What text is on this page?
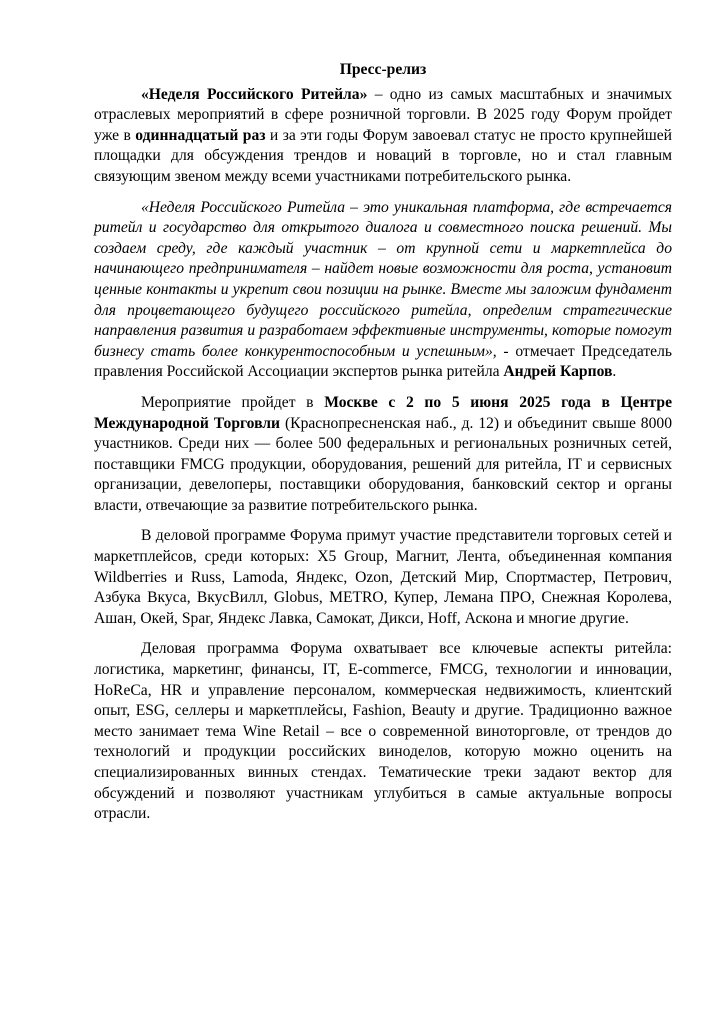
Пресс-релиз

«Неделя Российского Ритейла» – одно из самых масштабных и значимых отраслевых мероприятий в сфере розничной торговли. В 2025 году Форум пройдет уже в одиннадцатый раз и за эти годы Форум завоевал статус не просто крупнейшей площадки для обсуждения трендов и новаций в торговле, но и стал главным связующим звеном между всеми участниками потребительского рынка.

«Неделя Российского Ритейла – это уникальная платформа, где встречается ритейл и государство для открытого диалога и совместного поиска решений. Мы создаем среду, где каждый участник – от крупной сети и маркетплейса до начинающего предпринимателя – найдет новые возможности для роста, установит ценные контакты и укрепит свои позиции на рынке. Вместе мы заложим фундамент для процветающего будущего российского ритейла, определим стратегические направления развития и разработаем эффективные инструменты, которые помогут бизнесу стать более конкурентоспособным и успешным», - отмечает Председатель правления Российской Ассоциации экспертов рынка ритейла Андрей Карпов.

Мероприятие пройдет в Москве с 2 по 5 июня 2025 года в Центре Международной Торговли (Краснопресненская наб., д. 12) и объединит свыше 8000 участников. Среди них — более 500 федеральных и региональных розничных сетей, поставщики FMCG продукции, оборудования, решений для ритейла, IT и сервисных организации, девелоперы, поставщики оборудования, банковский сектор и органы власти, отвечающие за развитие потребительского рынка.

В деловой программе Форума примут участие представители торговых сетей и маркетплейсов, среди которых: X5 Group, Магнит, Лента, объединенная компания Wildberries и Russ, Lamoda, Яндекс, Ozon, Детский Мир, Спортмастер, Петрович, Азбука Вкуса, ВкусВилл, Globus, METRO, Купер, Лемана ПРО, Снежная Королева, Ашан, Окей, Spar, Яндекс Лавка, Самокат, Дикси, Hoff, Аскона и многие другие.

Деловая программа Форума охватывает все ключевые аспекты ритейла: логистика, маркетинг, финансы, IT, E-commerce, FMCG, технологии и инновации, HoReCa, HR и управление персоналом, коммерческая недвижимость, клиентский опыт, ESG, селлеры и маркетплейсы, Fashion, Beauty и другие. Традиционно важное место занимает тема Wine Retail – все о современной виноторговле, от трендов до технологий и продукции российских виноделов, которую можно оценить на специализированных винных стендах. Тематические треки задают вектор для обсуждений и позволяют участникам углубиться в самые актуальные вопросы отрасли.
